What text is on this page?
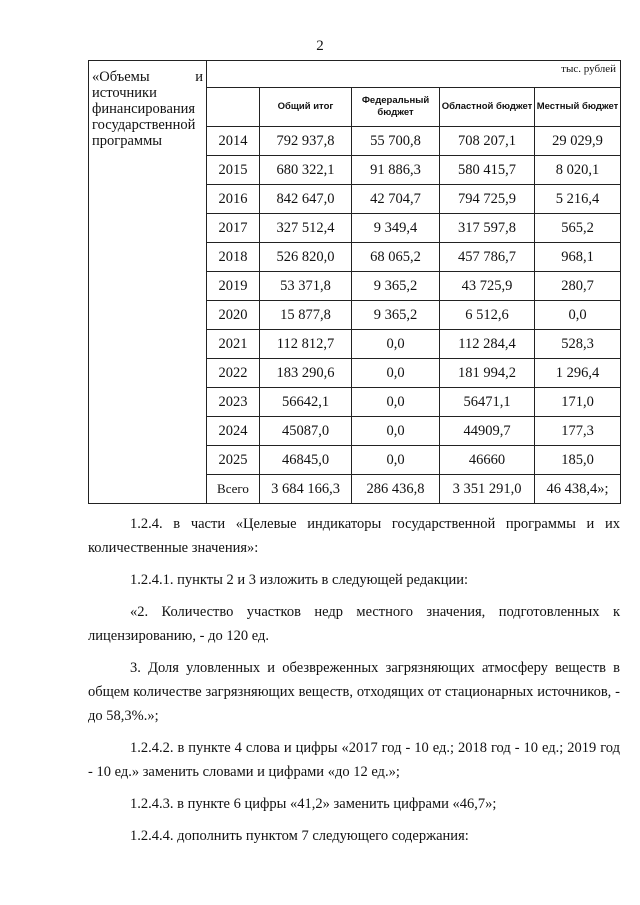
2
«Объемы и
источники финансирования государственной программы	тыс. рублей				
		Общий итог	Федеральный бюджет	Областной бюджет	Местный бюджет
	2014	792 937,8	55 700,8	708 207,1	29 029,9
	2015	680 322,1	91 886,3	580 415,7	8 020,1
	2016	842 647,0	42 704,7	794 725,9	5 216,4
	2017	327 512,4	9 349,4	317 597,8	565,2
	2018	526 820,0	68 065,2	457 786,7	968,1
	2019	53 371,8	9 365,2	43 725,9	280,7
	2020	15 877,8	9 365,2	6 512,6	0,0
	2021	112 812,7	0,0	112 284,4	528,3
	2022	183 290,6	0,0	181 994,2	1 296,4
	2023	56642,1	0,0	56471,1	171,0
	2024	45087,0	0,0	44909,7	177,3
	2025	46845,0	0,0	46660	185,0
	Всего	3 684 166,3	286 436,8	3 351 291,0	46 438,4»;

1.2.4. в части «Целевые индикаторы государственной программы и их количественные значения»:

1.2.4.1. пункты 2 и 3 изложить в следующей редакции:

«2. Количество участков недр местного значения, подготовленных к лицензированию, - до 120 ед.

3. Доля уловленных и обезвреженных загрязняющих атмосферу веществ в общем количестве загрязняющих веществ, отходящих от стационарных источников, - до 58,3%.»;

1.2.4.2. в пункте 4 слова и цифры «2017 год - 10 ед.; 2018 год - 10 ед.; 2019 год - 10 ед.» заменить словами и цифрами «до 12 ед.»;

1.2.4.3. в пункте 6 цифры «41,2» заменить цифрами «46,7»;

1.2.4.4. дополнить пунктом 7 следующего содержания:
